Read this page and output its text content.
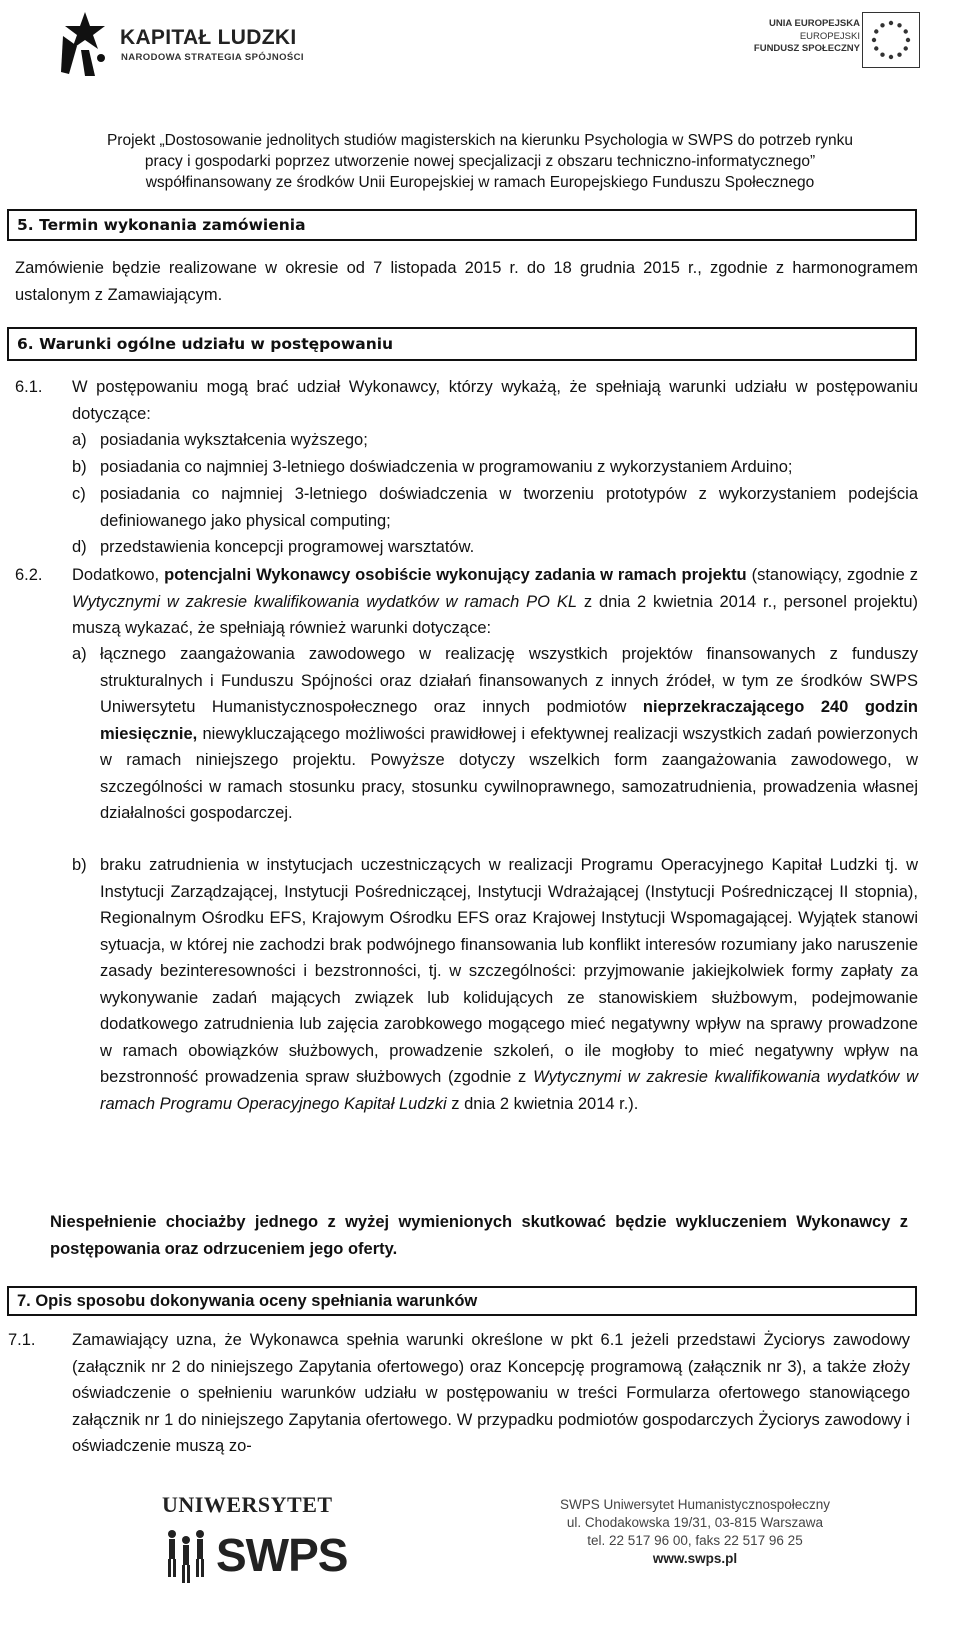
KAPITAŁ LUDZKI
NARODOWA STRATEGIA SPÓJNOŚCI
UNIA EUROPEJSKA
EUROPEJSKI
FUNDUSZ SPOŁECZNY
Projekt „Dostosowanie jednolitych studiów magisterskich na kierunku Psychologia w SWPS do potrzeb rynku
pracy i gospodarki poprzez utworzenie nowej specjalizacji z obszaru techniczno-informatycznego”
współfinansowany ze środków Unii Europejskiej w ramach Europejskiego Funduszu Społecznego
5. Termin wykonania zamówienia
Zamówienie będzie realizowane w okresie od 7 listopada 2015 r. do 18 grudnia 2015 r., zgodnie z harmonogramem ustalonym z Zamawiającym.
6. Warunki ogólne udziału w postępowaniu
6.1. W postępowaniu mogą brać udział Wykonawcy, którzy wykażą, że spełniają warunki udziału w postępowaniu dotyczące:
a) posiadania wykształcenia wyższego;
b) posiadania co najmniej 3-letniego doświadczenia w programowaniu z wykorzystaniem Arduino;
c) posiadania co najmniej 3-letniego doświadczenia w tworzeniu prototypów z wykorzystaniem podejścia definiowanego jako physical computing;
d) przedstawienia koncepcji programowej warsztatów.
6.2. Dodatkowo, potencjalni Wykonawcy osobiście wykonujący zadania w ramach projektu (stanowiący, zgodnie z Wytycznymi w zakresie kwalifikowania wydatków w ramach PO KL z dnia 2 kwietnia 2014 r., personel projektu) muszą wykazać, że spełniają również warunki dotyczące:
a) łącznego zaangażowania zawodowego w realizację wszystkich projektów finansowanych z funduszy strukturalnych i Funduszu Spójności oraz działań finansowanych z innych źródeł, w tym ze środków SWPS Uniwersytetu Humanistycznospołecznego oraz innych podmiotów nieprzekraczającego 240 godzin miesięcznie, niewykluczającego możliwości prawidłowej i efektywnej realizacji wszystkich zadań powierzonych w ramach niniejszego projektu. Powyższe dotyczy wszelkich form zaangażowania zawodowego, w szczególności w ramach stosunku pracy, stosunku cywilnoprawnego, samozatrudnienia, prowadzenia własnej działalności gospodarczej.
b) braku zatrudnienia w instytucjach uczestniczących w realizacji Programu Operacyjnego Kapitał Ludzki tj. w Instytucji Zarządzającej, Instytucji Pośredniczącej, Instytucji Wdrażającej (Instytucji Pośredniczącej II stopnia), Regionalnym Ośrodku EFS, Krajowym Ośrodku EFS oraz Krajowej Instytucji Wspomagającej. Wyjątek stanowi sytuacja, w której nie zachodzi brak podwójnego finansowania lub konflikt interesów rozumiany jako naruszenie zasady bezinteresowności i bezstronności, tj. w szczególności: przyjmowanie jakiejkolwiek formy zapłaty za wykonywanie zadań mających związek lub kolidujących ze stanowiskiem służbowym, podejmowanie dodatkowego zatrudnienia lub zajęcia zarobkowego mogącego mieć negatywny wpływ na sprawy prowadzone w ramach obowiązków służbowych, prowadzenie szkoleń, o ile mogłoby to mieć negatywny wpływ na bezstronność prowadzenia spraw służbowych (zgodnie z Wytycznymi w zakresie kwalifikowania wydatków w ramach Programu Operacyjnego Kapitał Ludzki z dnia 2 kwietnia 2014 r.).
Niespełnienie chociażby jednego z wyżej wymienionych skutkować będzie wykluczeniem Wykonawcy z postępowania oraz odrzuceniem jego oferty.
7. Opis sposobu dokonywania oceny spełniania warunków
7.1. Zamawiający uzna, że Wykonawca spełnia warunki określone w pkt 6.1 jeżeli przedstawi Życiorys zawodowy (załącznik nr 2 do niniejszego Zapytania ofertowego) oraz Koncepcję programową (załącznik nr 3), a także złoży oświadczenie o spełnieniu warunków udziału w postępowaniu w treści Formularza ofertowego stanowiącego załącznik nr 1 do niniejszego Zapytania ofertowego. W przypadku podmiotów gospodarczych Życiorys zawodowy i oświadczenie muszą zo-
UNIWERSYTET
SWPS
SWPS Uniwersytet Humanistycznospołeczny
ul. Chodakowska 19/31, 03-815 Warszawa
tel. 22 517 96 00, faks 22 517 96 25
www.swps.pl
